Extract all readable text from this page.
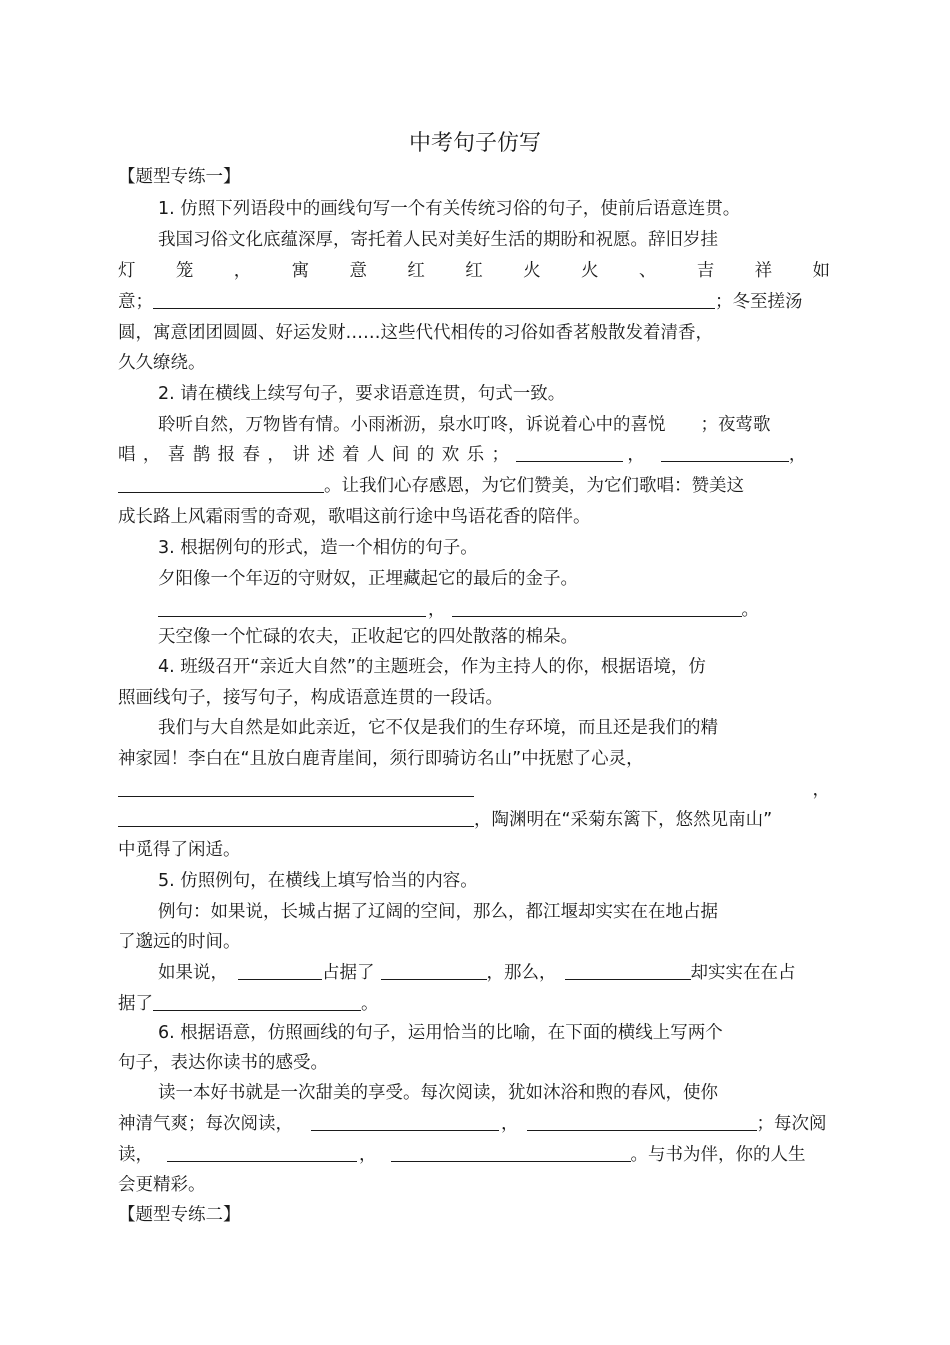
中考句子仿写
【题型专练一】
1. 仿照下列语段中的画线句写一个有关传统习俗的句子，使前后语意连贯。
我国习俗文化底蕴深厚，寄托着人民对美好生活的期盼和祝愿。辞旧岁挂
灯 笼 ， 寓 意 红 红 火 火 、 吉 祥 如
意；	；冬至搓汤
圆，寓意团团圆圆、好运发财……这些代代相传的习俗如香茗般散发着清香，
久久缭绕。
2. 请在横线上续写句子，要求语意连贯，句式一致。
聆听自然，万物皆有情。小雨淅沥，泉水叮咚，诉说着心中的喜悦　　；夜莺歌
唱，喜鹊报春，讲述着人间的欢乐；	，	，
。让我们心存感恩，为它们赞美，为它们歌唱：赞美这
成长路上风霜雨雪的奇观，歌唱这前行途中鸟语花香的陪伴。
3. 根据例句的形式，造一个相仿的句子。
夕阳像一个年迈的守财奴，正埋藏起它的最后的金子。
，	。
天空像一个忙碌的农夫，正收起它的四处散落的棉朵。
4. 班级召开“亲近大自然”的主题班会，作为主持人的你，根据语境，仿
照画线句子，接写句子，构成语意连贯的一段话。
我们与大自然是如此亲近，它不仅是我们的生存环境，而且还是我们的精
神家园！李白在“且放白鹿青崖间，须行即骑访名山”中抚慰了心灵，
，
，陶渊明在“采菊东篱下，悠然见南山”
中觅得了闲适。
5. 仿照例句，在横线上填写恰当的内容。
例句：如果说，长城占据了辽阔的空间，那么，都江堰却实实在在地占据
了邈远的时间。
如果说，	占据了	，那么，	却实实在在占
据了	。
6. 根据语意，仿照画线的句子，运用恰当的比喻，在下面的横线上写两个
句子，表达你读书的感受。
读一本好书就是一次甜美的享受。每次阅读，犹如沐浴和煦的春风，使你
神清气爽；每次阅读，	，	；每次阅
读，	，	。与书为伴，你的人生
会更精彩。
【题型专练二】
